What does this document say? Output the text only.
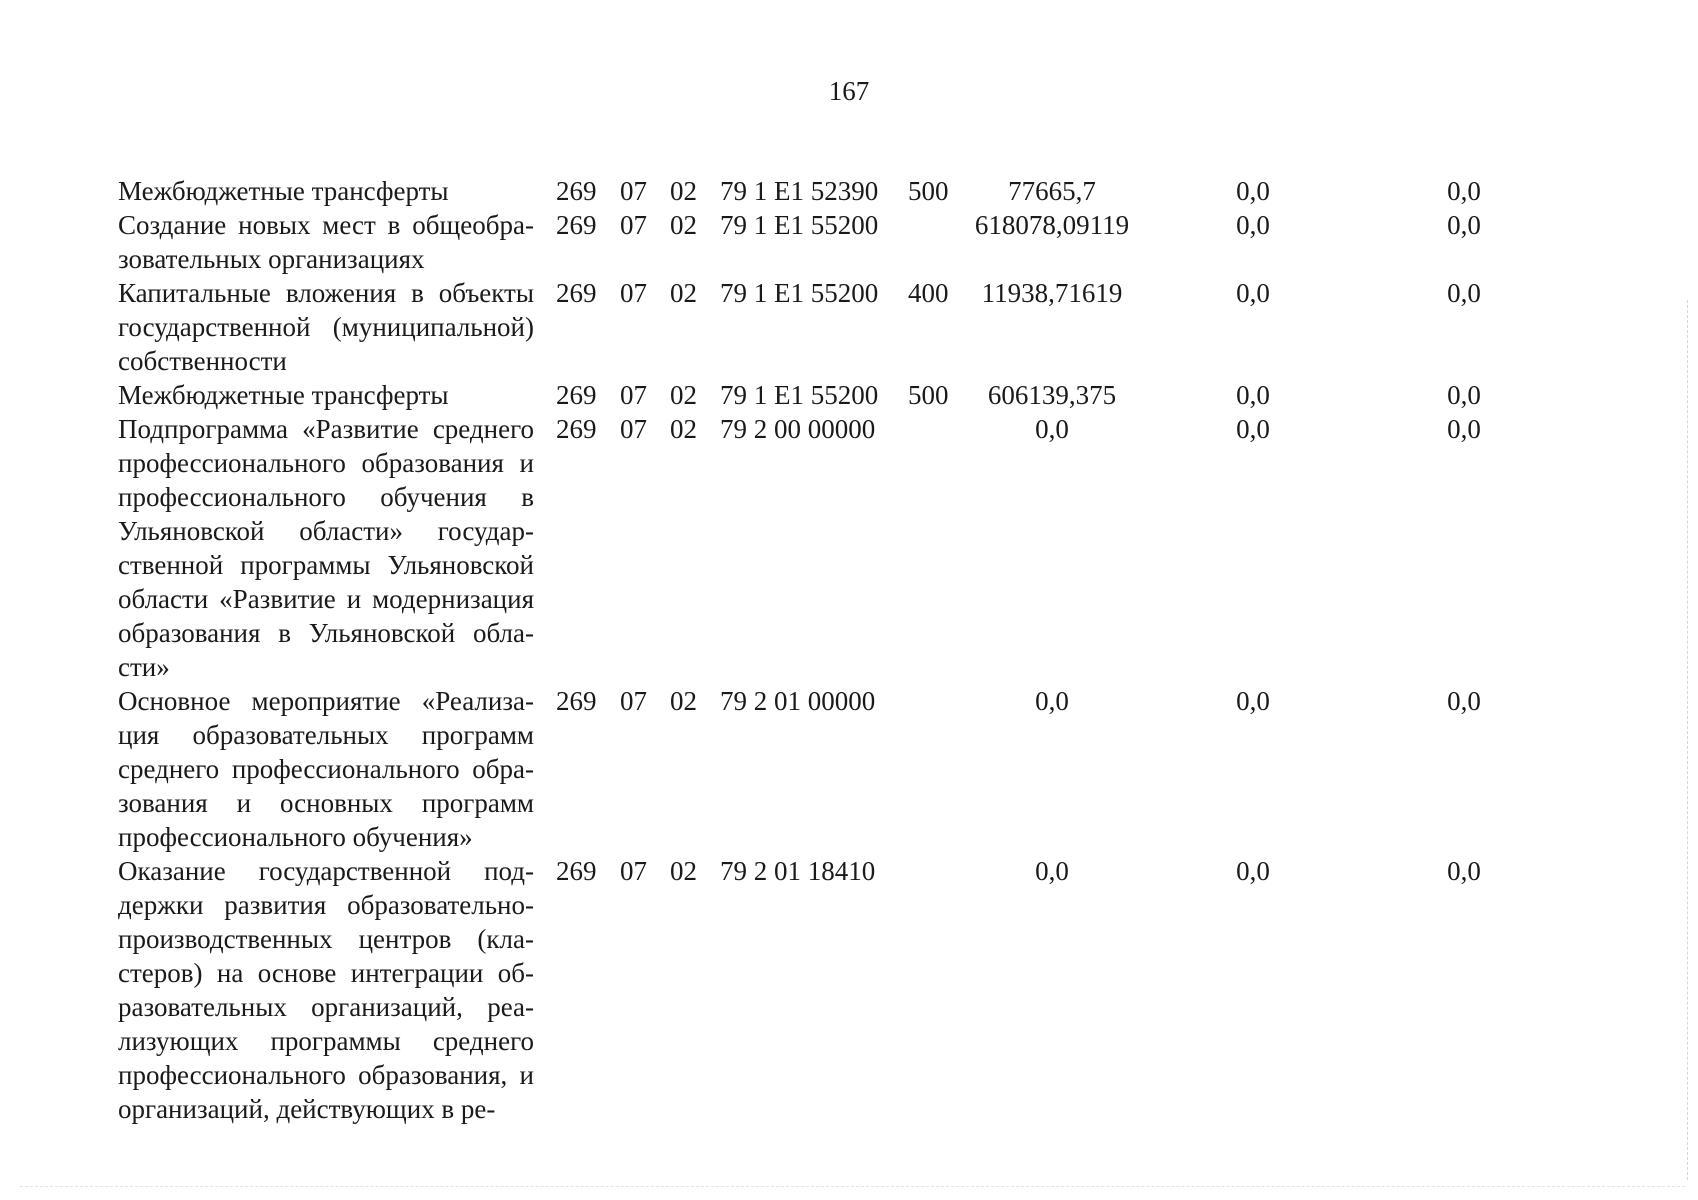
167
Межбюджетные трансферты	269	07	02	79 1 E1 52390	500	77665,7	0,0	0,0
Создание новых мест в общеобразовательных организациях	269	07	02	79 1 E1 55200		618078,09119	0,0	0,0
Капитальные вложения в объекты государственной (муниципальной) собственности	269	07	02	79 1 E1 55200	400	11938,71619	0,0	0,0
Межбюджетные трансферты	269	07	02	79 1 E1 55200	500	606139,375	0,0	0,0
Подпрограмма «Развитие среднего профессионального образования и профессионального обучения в Ульяновской области» государственной программы Ульяновской области «Развитие и модернизация образования в Ульяновской области»	269	07	02	79 2 00 00000		0,0	0,0	0,0
Основное мероприятие «Реализация образовательных программ среднего профессионального образования и основных программ профессионального обучения»	269	07	02	79 2 01 00000		0,0	0,0	0,0
Оказание государственной поддержки развития образовательно-производственных центров (кластеров) на основе интеграции образовательных организаций, реализующих программы среднего профессионального образования, и организаций, действующих в ре-	269	07	02	79 2 01 18410		0,0	0,0	0,0
